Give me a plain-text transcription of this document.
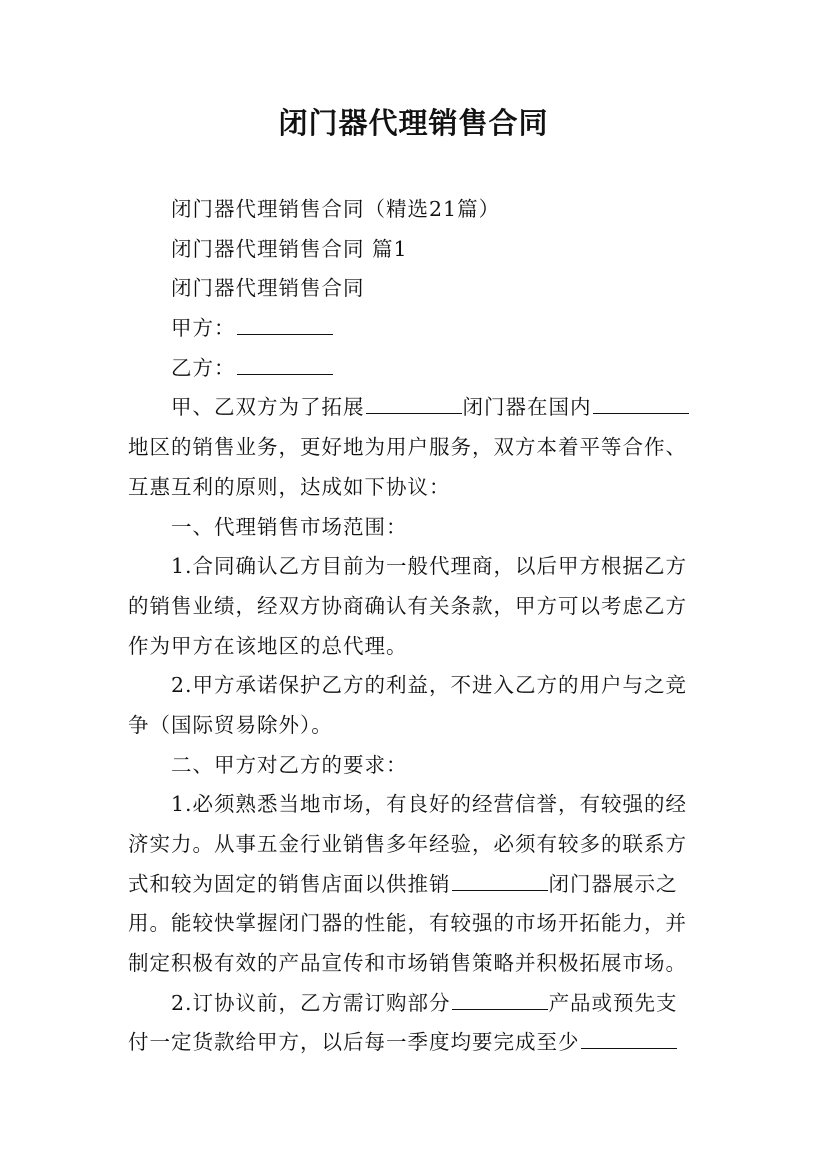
闭门器代理销售合同
闭门器代理销售合同（精选21篇）
闭门器代理销售合同 篇1
闭门器代理销售合同
甲方：
乙方：
甲、乙双方为了拓展	闭门器在国内
地区的销售业务，更好地为用户服务，双方本着平等合作、
互惠互利的原则，达成如下协议：
一、代理销售市场范围：
1.合同确认乙方目前为一般代理商，以后甲方根据乙方
的销售业绩，经双方协商确认有关条款，甲方可以考虑乙方
作为甲方在该地区的总代理。
2.甲方承诺保护乙方的利益，不进入乙方的用户与之竞
争（国际贸易除外）。
二、甲方对乙方的要求：
1.必须熟悉当地市场，有良好的经营信誉，有较强的经
济实力。从事五金行业销售多年经验，必须有较多的联系方
式和较为固定的销售店面以供推销	闭门器展示之
用。能较快掌握闭门器的性能，有较强的市场开拓能力，并
制定积极有效的产品宣传和市场销售策略并积极拓展市场。
2.订协议前，乙方需订购部分	产品或预先支
付一定货款给甲方，以后每一季度均要完成至少
